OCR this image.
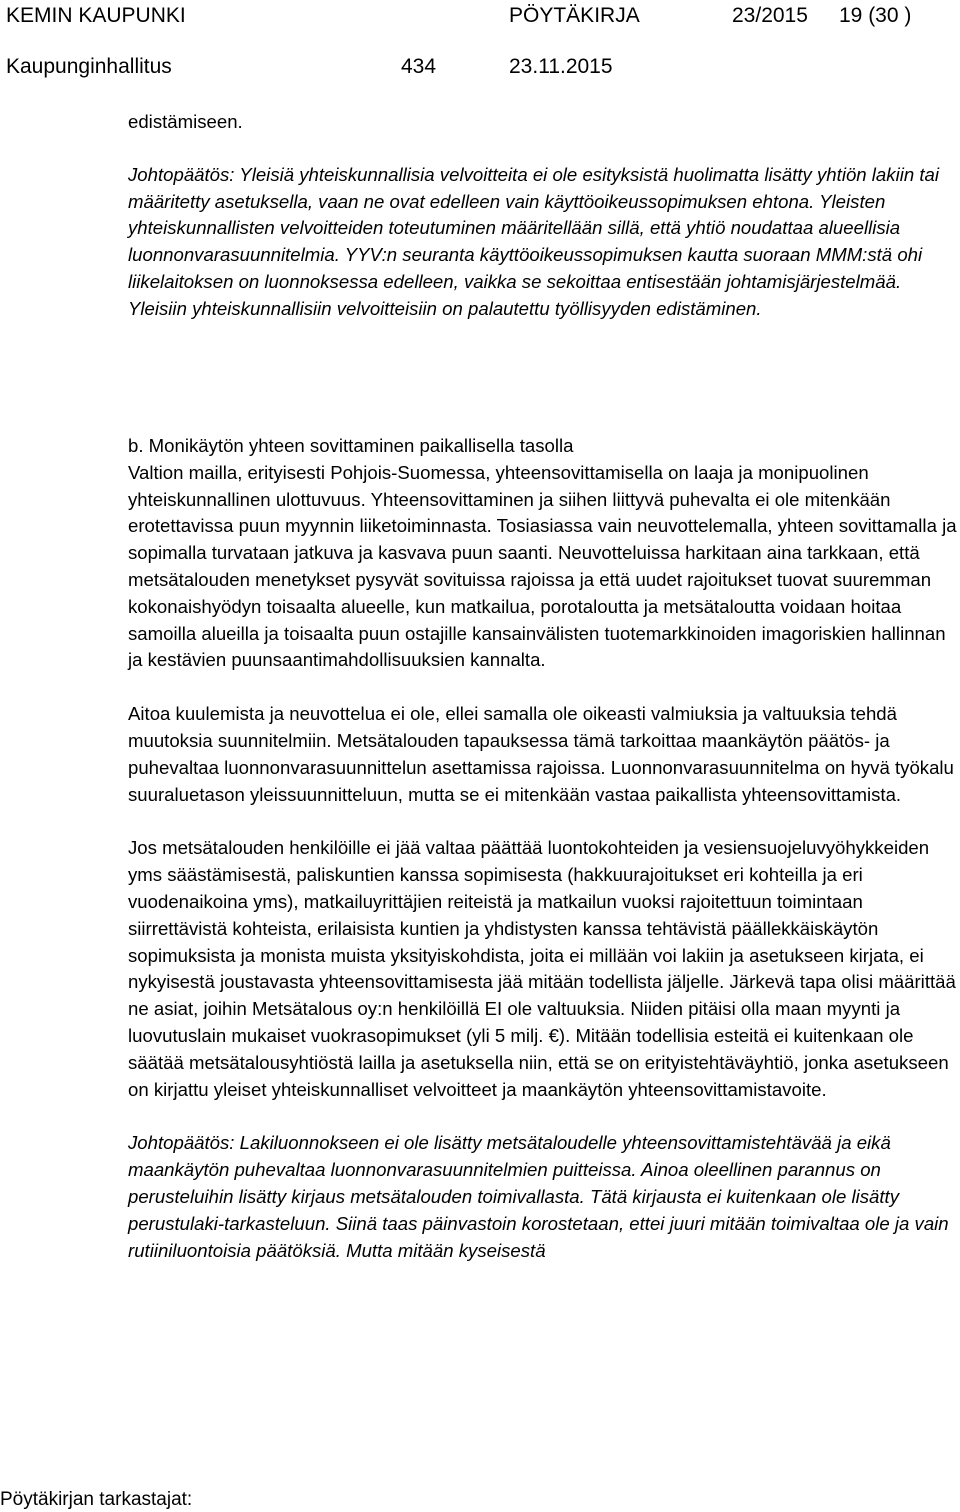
KEMIN KAUPUNKI	PÖYTÄKIRJA	23/2015 19 (30 )
Kaupunginhallitus	434	23.11.2015

edistämiseen.

Johtopäätös: Yleisiä yhteiskunnallisia velvoitteita ei ole esityksistä huolimatta lisätty yhtiön lakiin tai määritetty asetuksella, vaan ne ovat edelleen vain käyttöoikeussopimuksen ehtona. Yleisten yhteiskunnallisten velvoitteiden toteutuminen määritellään sillä, että yhtiö noudattaa alueellisia luonnonvarasuunnitelmia. YYV:n seuranta käyttöoikeussopimuksen kautta suoraan MMM:stä ohi liikelaitoksen on luonnoksessa edelleen, vaikka se sekoittaa entisestään johtamisjärjestelmää. Yleisiin yhteiskunnallisiin velvoitteisiin on palautettu työllisyyden edistäminen.

b. Monikäytön yhteen sovittaminen paikallisella tasolla
Valtion mailla, erityisesti Pohjois-Suomessa, yhteensovittamisella on laaja ja monipuolinen yhteiskunnallinen ulottuvuus. Yhteensovittaminen ja siihen liittyvä puhevalta ei ole mitenkään erotettavissa puun myynnin liiketoiminnasta. Tosiasiassa vain neuvottelemalla, yhteen sovittamalla ja sopimalla turvataan jatkuva ja kasvava puun saanti. Neuvotteluissa harkitaan aina tarkkaan, että metsätalouden menetykset pysyvät sovituissa rajoissa ja että uudet rajoitukset tuovat suuremman kokonaishyödyn toisaalta alueelle, kun matkailua, porotaloutta ja metsätaloutta voidaan hoitaa samoilla alueilla ja toisaalta puun ostajille kansainvälisten tuotemarkkinoiden imagoriskien hallinnan ja kestävien puunsaantimahdollisuuksien kannalta.

Aitoa kuulemista ja neuvottelua ei ole, ellei samalla ole oikeasti valmiuksia ja valtuuksia tehdä muutoksia suunnitelmiin. Metsätalouden tapauksessa tämä tarkoittaa maankäytön päätös- ja puhevaltaa luonnonvarasuunnittelun asettamissa rajoissa. Luonnonvarasuunnitelma on hyvä työkalu suuraluetason yleissuunnitteluun, mutta se ei mitenkään vastaa paikallista yhteensovittamista.

Jos metsätalouden henkilöille ei jää valtaa päättää luontokohteiden ja vesiensuojeluvyöhykkeiden yms säästämisestä, paliskuntien kanssa sopimisesta (hakkuurajoitukset eri kohteilla ja eri vuodenaikoina yms), matkailuyrittäjien reiteistä ja matkailun vuoksi rajoitettuun toimintaan siirrettävistä kohteista, erilaisista kuntien ja yhdistysten kanssa tehtävistä päällekkäiskäytön sopimuksista ja monista muista yksityiskohdista, joita ei millään voi lakiin ja asetukseen kirjata, ei nykyisestä joustavasta yhteensovittamisesta jää mitään todellista jäljelle. Järkevä tapa olisi määrittää ne asiat, joihin Metsätalous oy:n henkilöillä EI ole valtuuksia. Niiden pitäisi olla maan myynti ja luovutuslain mukaiset vuokrasopimukset (yli 5 milj. €). Mitään todellisia esteitä ei kuitenkaan ole säätää metsätalousyhtiöstä lailla ja asetuksella niin, että se on erityistehtäväyhtiö, jonka asetukseen on kirjattu yleiset yhteiskunnalliset velvoitteet ja maankäytön yhteensovittamistavoite.

Johtopäätös: Lakiluonnokseen ei ole lisätty metsätaloudelle yhteensovittamistehtävää ja eikä maankäytön puhevaltaa luonnonvarasuunnitelmien puitteissa. Ainoa oleellinen parannus on perusteluihin lisätty kirjaus metsätalouden toimivallasta. Tätä kirjausta ei kuitenkaan ole lisätty perustulaki-tarkasteluun. Siinä taas päinvastoin korostetaan, ettei juuri mitään toimivaltaa ole ja vain rutiiniluontoisia päätöksiä. Mutta mitään kyseisestä

Pöytäkirjan tarkastajat:
